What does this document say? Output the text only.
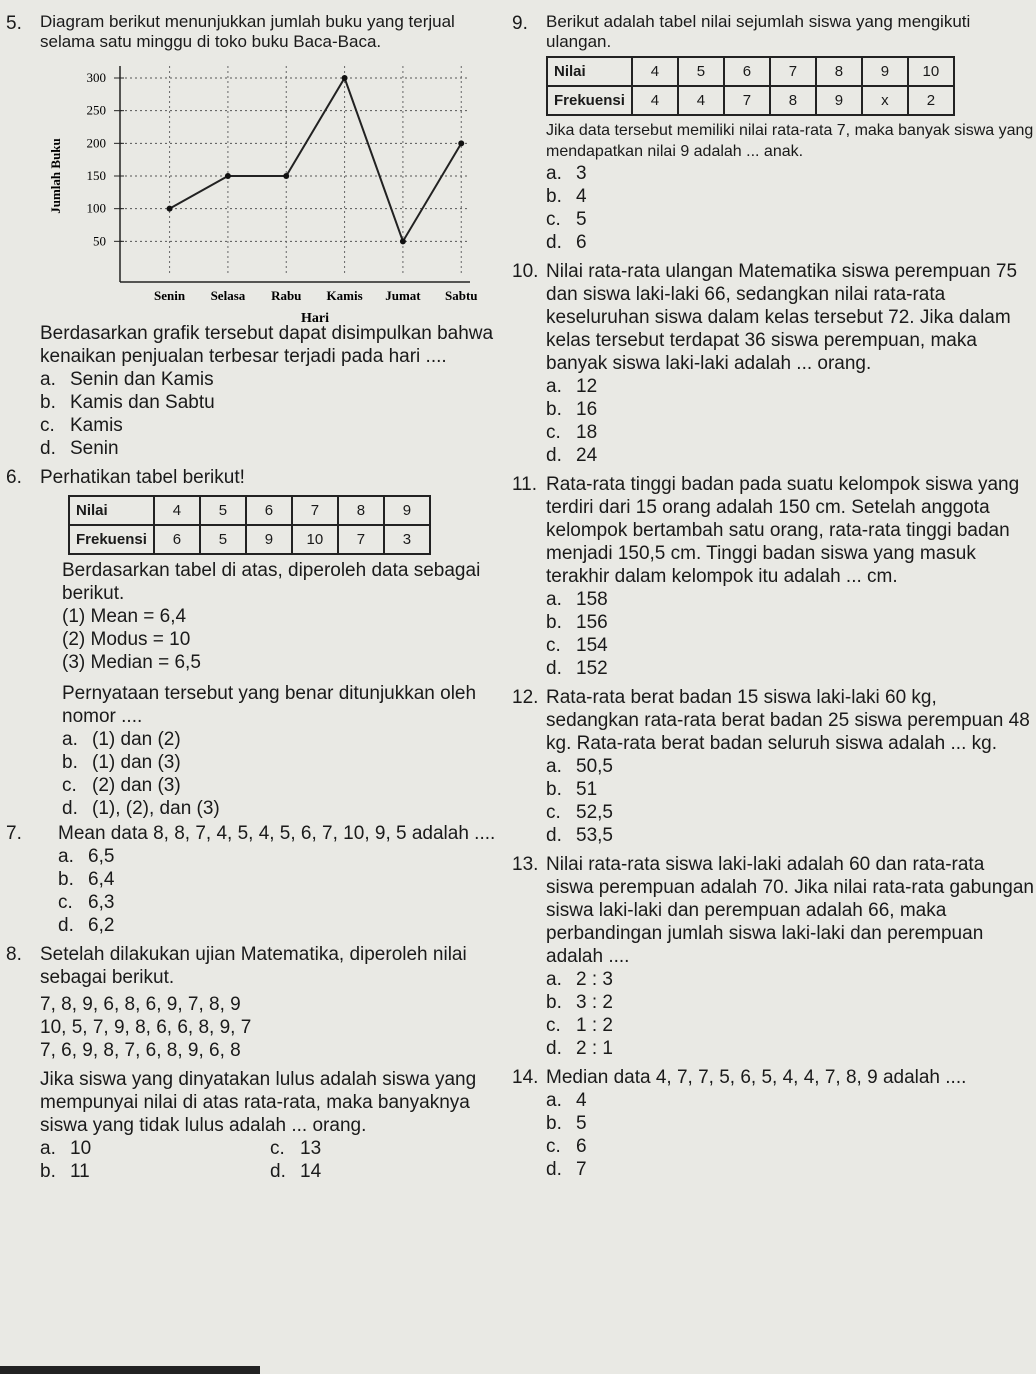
5.	Diagram berikut menunjukkan jumlah buku yang terjual selama satu minggu di toko buku Baca-Baca.
50
100
150
200
250
300
Senin Selasa Rabu Kamis Jumat Sabtu
Jumlah Buku
Hari
Berdasarkan grafik tersebut dapat disimpulkan bahwa kenaikan penjualan terbesar terjadi pada hari ....
a. Senin dan Kamis
b. Kamis dan Sabtu
c. Kamis
d. Senin
6. Perhatikan tabel berikut!
Nilai	4	5	6	7	8	9
Frekuensi	6	5	9	10	7	3
Berdasarkan tabel di atas, diperoleh data sebagai berikut.
(1) Mean = 6,4
(2) Modus = 10
(3) Median = 6,5
Pernyataan tersebut yang benar ditunjukkan oleh nomor ....
a. (1) dan (2)
b. (1) dan (3)
c. (2) dan (3)
d. (1), (2), dan (3)
7.	Mean data 8, 8, 7, 4, 5, 4, 5, 6, 7, 10, 9, 5 adalah ....
a. 6,5
b. 6,4
c. 6,3
d. 6,2
8. Setelah dilakukan ujian Matematika, diperoleh nilai sebagai berikut.
7, 8, 9, 6, 8, 6, 9, 7, 8, 9
10, 5, 7, 9, 8, 6, 6, 8, 9, 7
7, 6, 9, 8, 7, 6, 8, 9, 6, 8
Jika siswa yang dinyatakan lulus adalah siswa yang mempunyai nilai di atas rata-rata, maka banyaknya siswa yang tidak lulus adalah ... orang.
a. 10	c. 13
b. 11	d. 14
9.	Berikut adalah tabel nilai sejumlah siswa yang mengikuti ulangan.
Nilai	4	5	6	7	8	9	10
Frekuensi	4	4	7	8	9	x	2
Jika data tersebut memiliki nilai rata-rata 7, maka banyak siswa yang mendapatkan nilai 9 adalah ... anak.
a. 3
b. 4
c. 5
d. 6
10. Nilai rata-rata ulangan Matematika siswa perempuan 75 dan siswa laki-laki 66, sedangkan nilai rata-rata keseluruhan siswa dalam kelas tersebut 72. Jika dalam kelas tersebut terdapat 36 siswa perempuan, maka banyak siswa laki-laki adalah ... orang.
a. 12
b. 16
c. 18
d. 24
11. Rata-rata tinggi badan pada suatu kelompok siswa yang terdiri dari 15 orang adalah 150 cm. Setelah anggota kelompok bertambah satu orang, rata-rata tinggi badan menjadi 150,5 cm. Tinggi badan siswa yang masuk terakhir dalam kelompok itu adalah ... cm.
a. 158
b. 156
c. 154
d. 152
12. Rata-rata berat badan 15 siswa laki-laki 60 kg, sedangkan rata-rata berat badan 25 siswa perempuan 48 kg. Rata-rata berat badan seluruh siswa adalah ... kg.
a. 50,5
b. 51
c. 52,5
d. 53,5
13. Nilai rata-rata siswa laki-laki adalah 60 dan rata-rata siswa perempuan adalah 70. Jika nilai rata-rata gabungan siswa laki-laki dan perempuan adalah 66, maka perbandingan jumlah siswa laki-laki dan perempuan adalah ....
a. 2 : 3
b. 3 : 2
c. 1 : 2
d. 2 : 1
14. Median data 4, 7, 7, 5, 6, 5, 4, 4, 7, 8, 9 adalah ....
a. 4
b. 5
c. 6
d. 7
